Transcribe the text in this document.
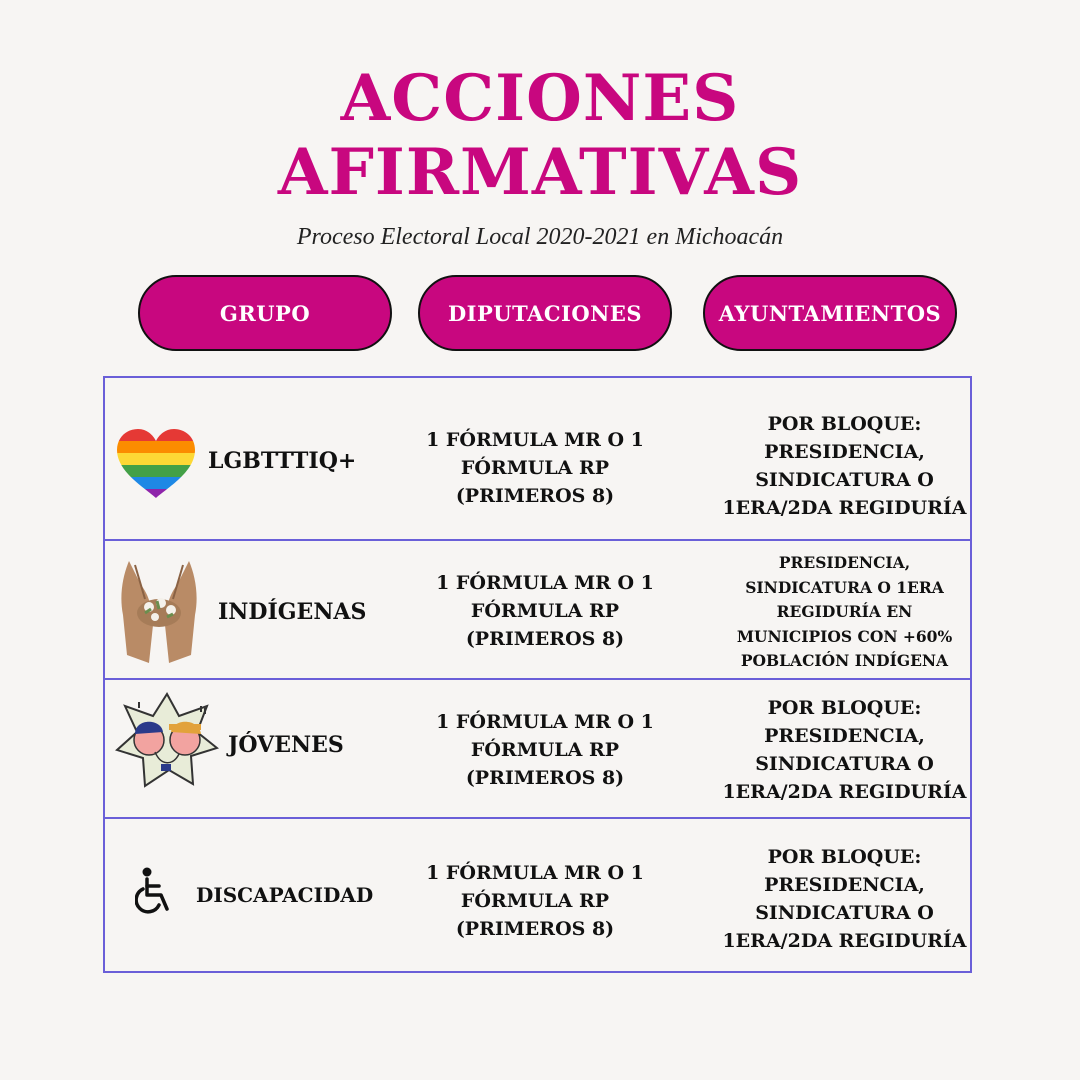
ACCIONES
AFIRMATIVAS
Proceso Electoral Local 2020-2021 en Michoacán
GRUPO	DIPUTACIONES	AYUNTAMIENTOS
LGBTTTIQ+
1 FÓRMULA MR O 1
FÓRMULA RP
(PRIMEROS 8)
POR BLOQUE:
PRESIDENCIA,
SINDICATURA O
1ERA/2DA REGIDURÍA
INDÍGENAS
1 FÓRMULA MR O 1
FÓRMULA RP
(PRIMEROS 8)
PRESIDENCIA,
SINDICATURA O 1ERA
REGIDURÍA EN
MUNICIPIOS CON +60%
POBLACIÓN INDÍGENA
JÓVENES
1 FÓRMULA MR O 1
FÓRMULA RP
(PRIMEROS 8)
POR BLOQUE:
PRESIDENCIA,
SINDICATURA O
1ERA/2DA REGIDURÍA
DISCAPACIDAD
1 FÓRMULA MR O 1
FÓRMULA RP
(PRIMEROS 8)
POR BLOQUE:
PRESIDENCIA,
SINDICATURA O
1ERA/2DA REGIDURÍA
